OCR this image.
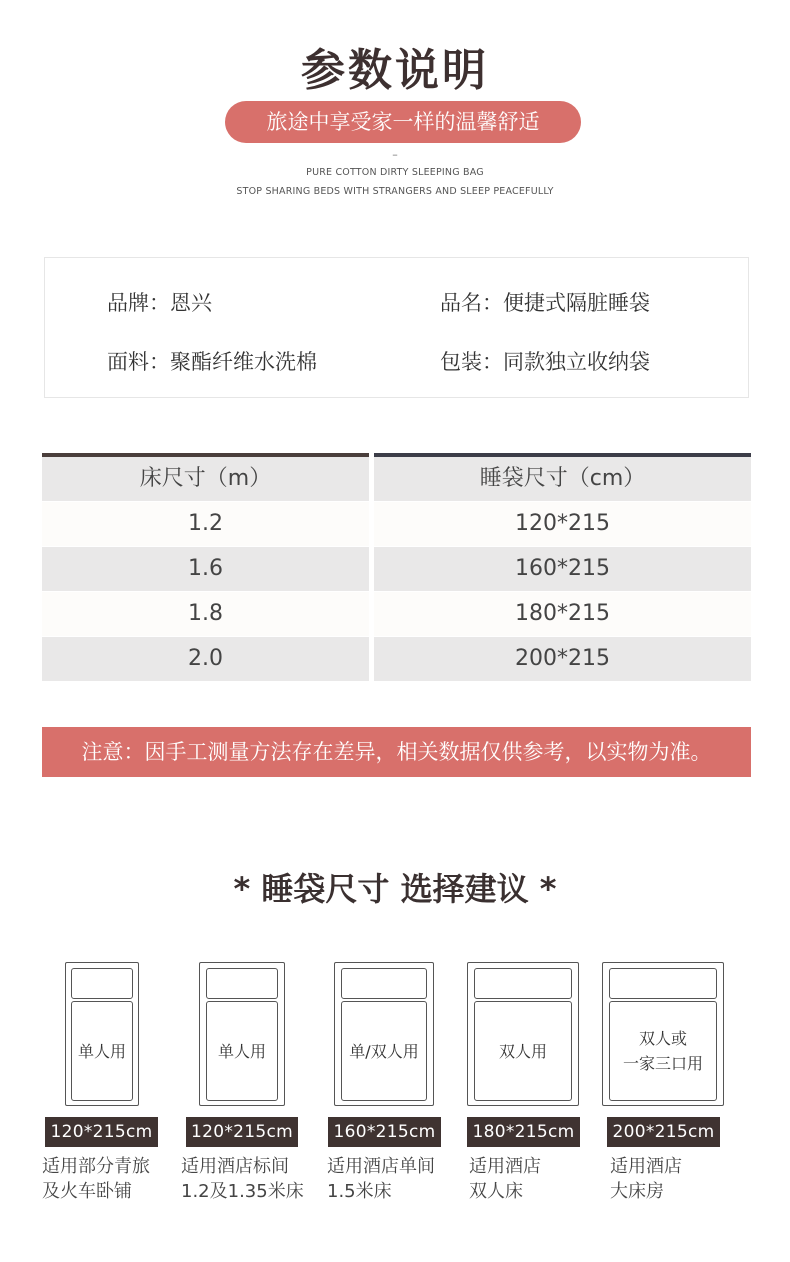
参数说明
旅途中享受家一样的温馨舒适
–
PURE COTTON DIRTY SLEEPING BAG
STOP SHARING BEDS WITH STRANGERS AND SLEEP PEACEFULLY
品牌：恩兴	品名：便捷式隔脏睡袋
面料：聚酯纤维水洗棉	包装：同款独立收纳袋
床尺寸（m）	睡袋尺寸（cm）
1.2	120*215
1.6	160*215
1.8	180*215
2.0	200*215
注意：因手工测量方法存在差异，相关数据仅供参考，以实物为准。
* 睡袋尺寸 选择建议 *
单人用
120*215cm
适用部分青旅
及火车卧铺
单人用
120*215cm
适用酒店标间
1.2及1.35米床
单/双人用
160*215cm
适用酒店单间
1.5米床
双人用
180*215cm
适用酒店
双人床
双人或
一家三口用
200*215cm
适用酒店
大床房
